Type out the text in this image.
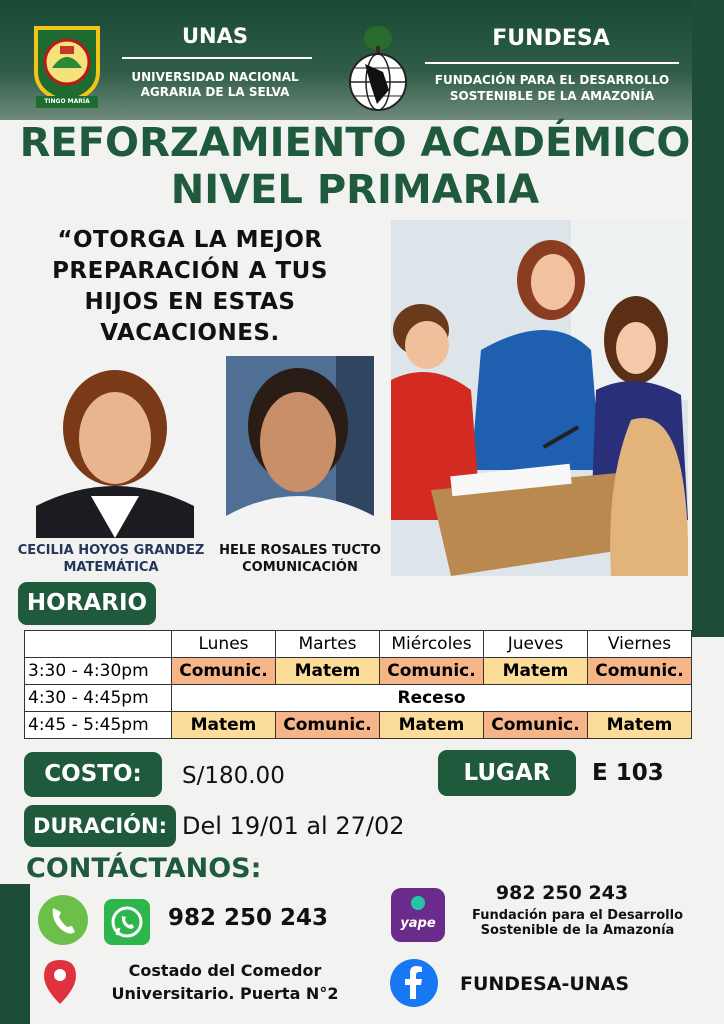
TINGO MARÍA
UNAS
UNIVERSIDAD NACIONAL
AGRARIA DE LA SELVA
FUNDESA
FUNDACIÓN PARA EL DESARROLLO
SOSTENIBLE DE LA AMAZONÍA
REFORZAMIENTO ACADÉMICO
NIVEL PRIMARIA
“OTORGA LA MEJOR
PREPARACIÓN A TUS
HIJOS EN ESTAS
VACACIONES.
CECILIA HOYOS GRANDEZ
MATEMÁTICA
HELE ROSALES TUCTO
COMUNICACIÓN
HORARIO
	Lunes	Martes	Miércoles	Jueves	Viernes
3:30 - 4:30pm	Comunic.	Matem	Comunic.	Matem	Comunic.
4:30 - 4:45pm	Receso				
4:45 - 5:45pm	Matem	Comunic.	Matem	Comunic.	Matem
COSTO:	S/180.00	LUGAR	E 103
DURACIÓN: Del 19/01 al 27/02
CONTÁCTANOS:
982 250 243
Costado del Comedor
Universitario. Puerta N°2
yape
982 250 243
Fundación para el Desarrollo
Sostenible de la Amazonía
FUNDESA-UNAS
